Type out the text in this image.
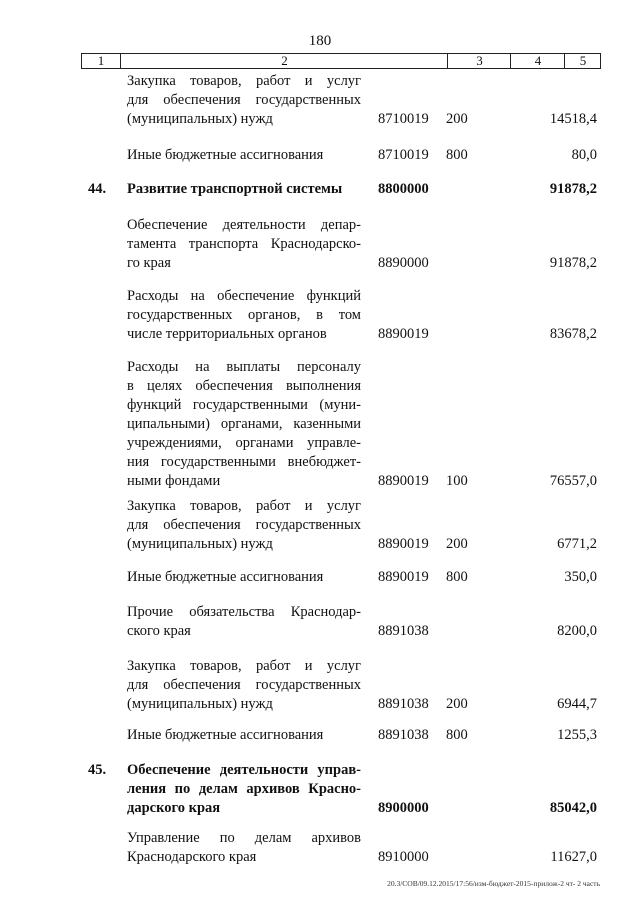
180
1	2	3	4	5
Закупка товаров, работ и услуг
для обеспечения государственных
(муниципальных) нужд	8710019 200	14518,4
Иные бюджетные ассигнования	8710019 800	80,0
44.	Развитие транспортной системы	8800000	91878,2
Обеспечение деятельности депар-
тамента транспорта Краснодарско-
го края	8890000	91878,2
Расходы на обеспечение функций
государственных органов, в том
числе территориальных органов	8890019	83678,2
Расходы на выплаты персоналу
в целях обеспечения выполнения
функций государственными (муни-
ципальными) органами, казенными
учреждениями, органами управле-
ния государственными внебюджет-
ными фондами	8890019 100	76557,0
Закупка товаров, работ и услуг
для обеспечения государственных
(муниципальных) нужд	8890019 200	6771,2
Иные бюджетные ассигнования	8890019 800	350,0
Прочие обязательства Краснодар-
ского края	8891038	8200,0
Закупка товаров, работ и услуг
для обеспечения государственных
(муниципальных) нужд	8891038 200	6944,7
Иные бюджетные ассигнования	8891038 800	1255,3
45.	Обеспечение деятельности управ-
ления по делам архивов Красно-
дарского края	8900000	85042,0
Управление по делам архивов
Краснодарского края	8910000	11627,0
20.3/СОВ/09.12.2015/17:56/изм-бюджет-2015-прилож-2 чт- 2 часть
